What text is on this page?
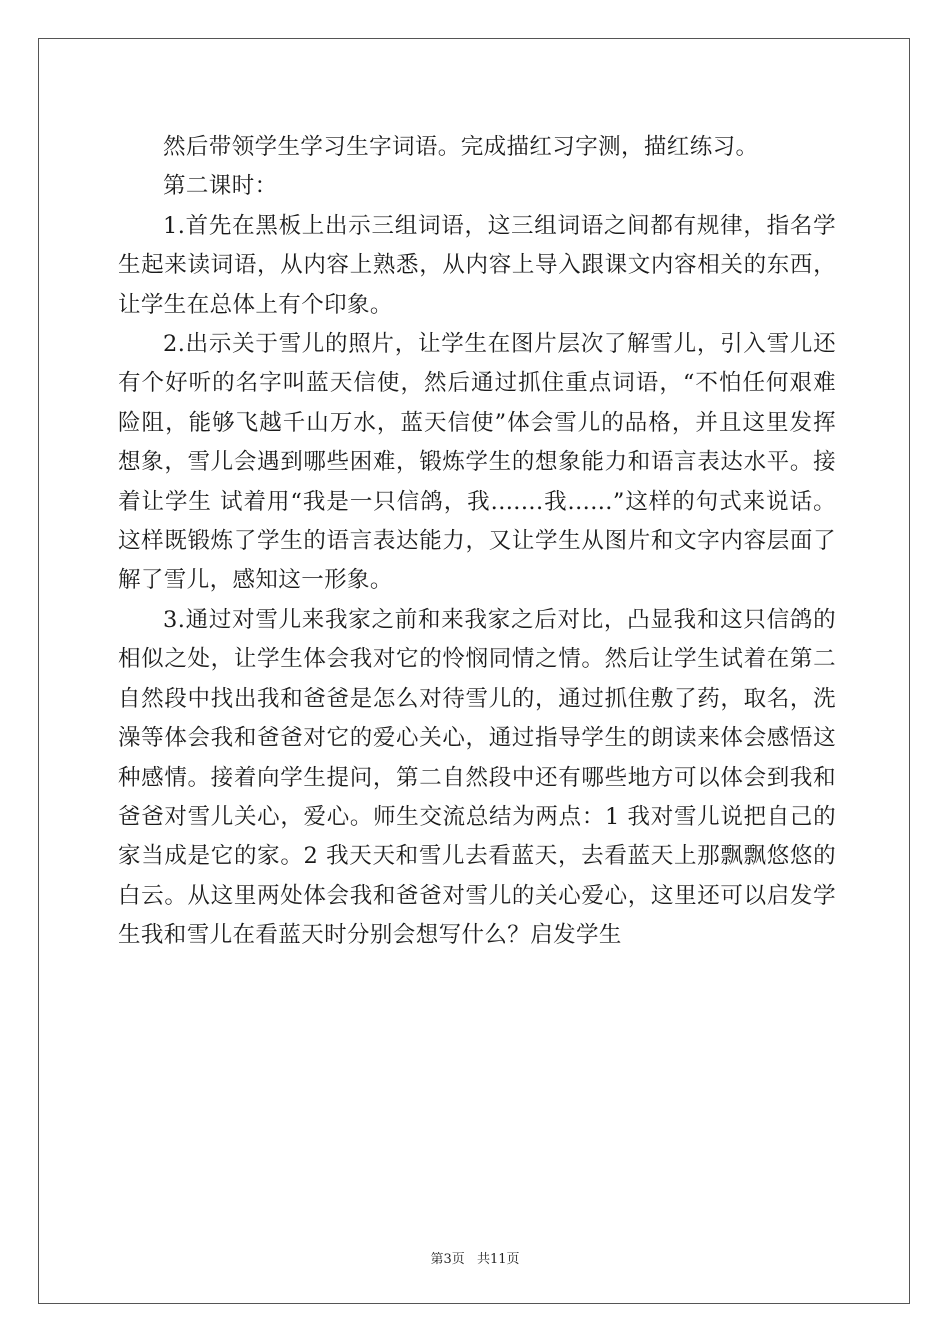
然后带领学生学习生字词语。完成描红习字测，描红练习。

第二课时：

1.首先在黑板上出示三组词语，这三组词语之间都有规律，指名学生起来读词语，从内容上熟悉，从内容上导入跟课文内容相关的东西，让学生在总体上有个印象。

2.出示关于雪儿的照片，让学生在图片层次了解雪儿，引入雪儿还有个好听的名字叫蓝天信使，然后通过抓住重点词语，“不怕任何艰难险阻，能够飞越千山万水，蓝天信使”体会雪儿的品格，并且这里发挥想象，雪儿会遇到哪些困难，锻炼学生的想象能力和语言表达水平。接着让学生 试着用“我是一只信鸽，我.......我......”这样的句式来说话。这样既锻炼了学生的语言表达能力，又让学生从图片和文字内容层面了解了雪儿，感知这一形象。

3.通过对雪儿来我家之前和来我家之后对比，凸显我和这只信鸽的相似之处，让学生体会我对它的怜悯同情之情。然后让学生试着在第二自然段中找出我和爸爸是怎么对待雪儿的，通过抓住敷了药，取名，洗澡等体会我和爸爸对它的爱心关心，通过指导学生的朗读来体会感悟这种感情。接着向学生提问，第二自然段中还有哪些地方可以体会到我和爸爸对雪儿关心，爱心。师生交流总结为两点：1 我对雪儿说把自己的家当成是它的家。2 我天天和雪儿去看蓝天，去看蓝天上那飘飘悠悠的白云。从这里两处体会我和爸爸对雪儿的关心爱心，这里还可以启发学生我和雪儿在看蓝天时分别会想写什么？启发学生

第3页 共11页
